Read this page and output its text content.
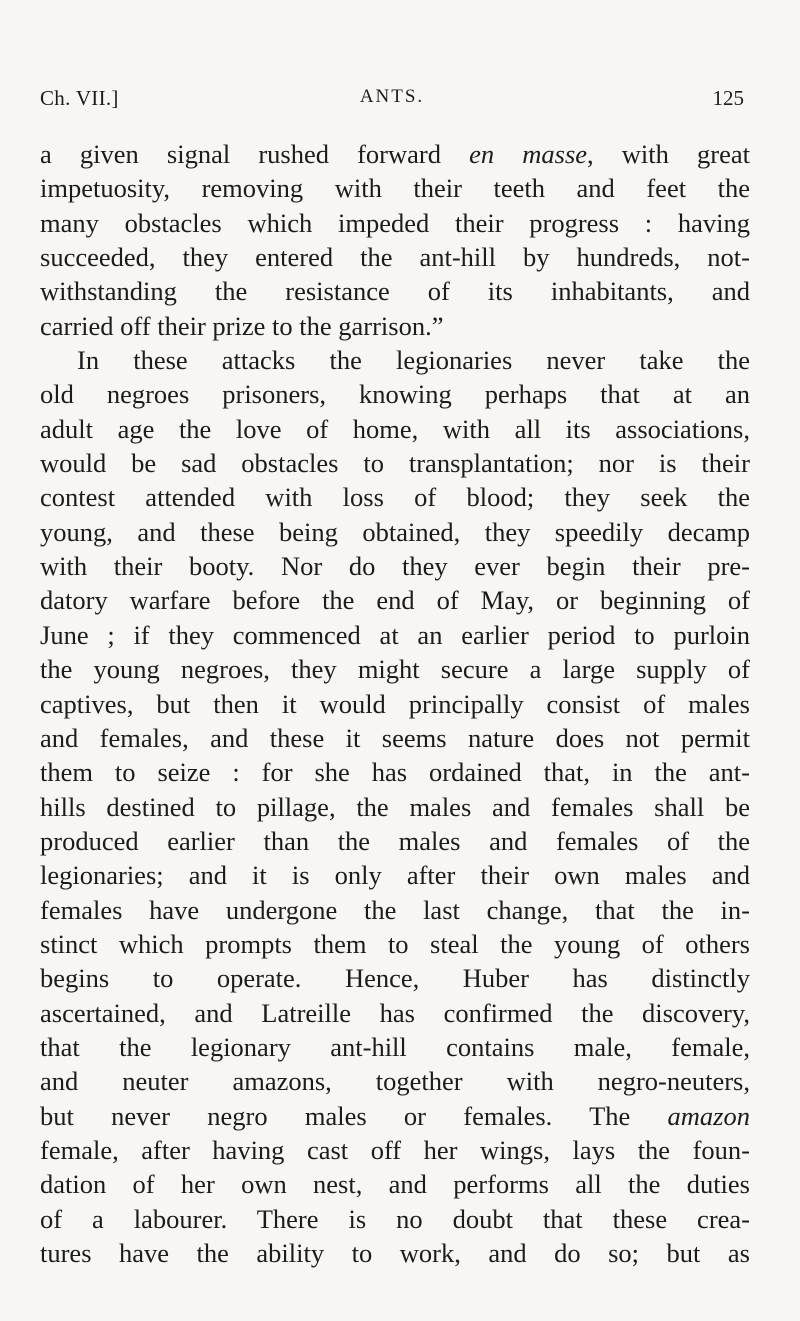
Ch. VII.]	ANTS.	125
a given signal rushed forward en masse, with great
impetuosity, removing with their teeth and feet the
many obstacles which impeded their progress : having
succeeded, they entered the ant-hill by hundreds, not-
withstanding the resistance of its inhabitants, and
carried off their prize to the garrison.”
In these attacks the legionaries never take the
old negroes prisoners, knowing perhaps that at an
adult age the love of home, with all its associations,
would be sad obstacles to transplantation; nor is their
contest attended with loss of blood; they seek the
young, and these being obtained, they speedily decamp
with their booty. Nor do they ever begin their pre-
datory warfare before the end of May, or beginning of
June ; if they commenced at an earlier period to purloin
the young negroes, they might secure a large supply of
captives, but then it would principally consist of males
and females, and these it seems nature does not permit
them to seize : for she has ordained that, in the ant-
hills destined to pillage, the males and females shall be
produced earlier than the males and females of the
legionaries; and it is only after their own males and
females have undergone the last change, that the in-
stinct which prompts them to steal the young of others
begins to operate. Hence, Huber has distinctly
ascertained, and Latreille has confirmed the discovery,
that the legionary ant-hill contains male, female,
and neuter amazons, together with negro-neuters,
but never negro males or females. The amazon
female, after having cast off her wings, lays the foun-
dation of her own nest, and performs all the duties
of a labourer. There is no doubt that these crea-
tures have the ability to work, and do so; but as
